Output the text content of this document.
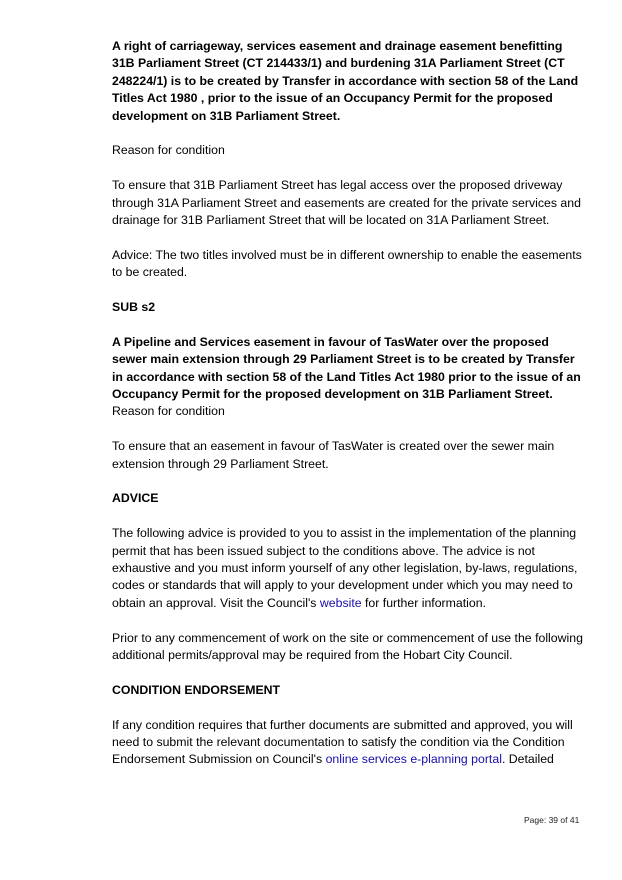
A right of carriageway, services easement and drainage easement benefitting 31B Parliament Street (CT 214433/1) and burdening 31A Parliament Street (CT 248224/1) is to be created by Transfer in accordance with section 58 of the Land Titles Act 1980 , prior to the issue of an Occupancy Permit for the proposed development on 31B Parliament Street.

Reason for condition

To ensure that 31B Parliament Street has legal access over the proposed driveway through 31A Parliament Street and easements are created for the private services and drainage for 31B Parliament Street that will be located on 31A Parliament Street.

Advice: The two titles involved must be in different ownership to enable the easements to be created.

SUB s2

A Pipeline and Services easement in favour of TasWater over the proposed sewer main extension through 29 Parliament Street is to be created by Transfer in accordance with section 58 of the Land Titles Act 1980 prior to the issue of an Occupancy Permit for the proposed development on 31B Parliament Street.

Reason for condition

To ensure that an easement in favour of TasWater is created over the sewer main extension through 29 Parliament Street.

ADVICE

The following advice is provided to you to assist in the implementation of the planning permit that has been issued subject to the conditions above. The advice is not exhaustive and you must inform yourself of any other legislation, by-laws, regulations, codes or standards that will apply to your development under which you may need to obtain an approval. Visit the Council's website for further information.

Prior to any commencement of work on the site or commencement of use the following additional permits/approval may be required from the Hobart City Council.

CONDITION ENDORSEMENT

If any condition requires that further documents are submitted and approved, you will need to submit the relevant documentation to satisfy the condition via the Condition Endorsement Submission on Council's online services e-planning portal. Detailed

Page: 39 of 41
